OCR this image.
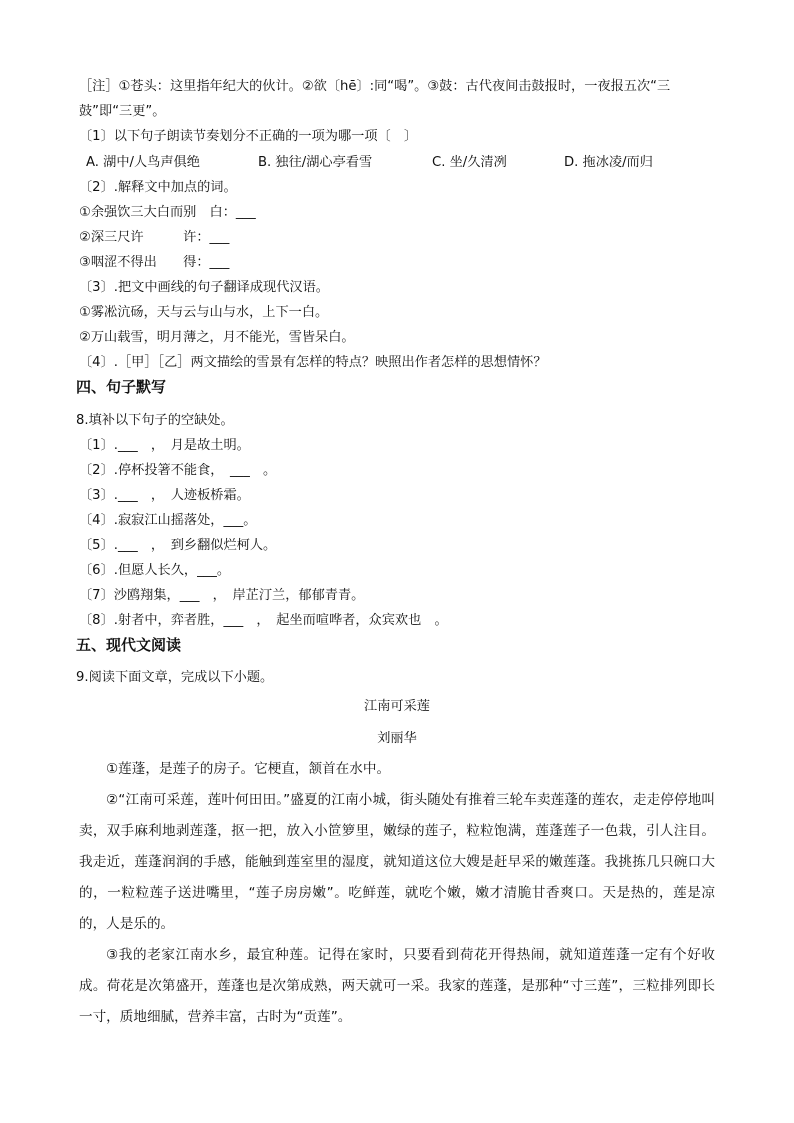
［注］①苍头：这里指年纪大的伙计。②欲〔hē〕:同“喝”。③鼓：古代夜间击鼓报时，一夜报五次“三
鼓”即“三更”。
〔1〕以下句子朗读节奏划分不正确的一项为哪一项〔　〕
A. 湖中/人鸟声俱绝	B. 独往/湖心亭看雪	C. 坐/久清冽	D. 拖冰凌/而归
〔2〕.解释文中加点的词。
①余强饮三大白而别　白：___
②深三尺许　　　许：___
③咽涩不得出　　得：___
〔3〕.把文中画线的句子翻译成现代汉语。
①雾凇沆砀，天与云与山与水，上下一白。
②万山载雪，明月薄之，月不能光，雪皆呆白。
〔4〕.［甲］［乙］两文描绘的雪景有怎样的特点？映照出作者怎样的思想情怀？
四、句子默写
8.填补以下句子的空缺处。
〔1〕.___　，　月是故土明。
〔2〕.停杯投箸不能食，　___　。
〔3〕.___　，　人迹板桥霜。
〔4〕.寂寂江山摇落处，___。
〔5〕.___　，　到乡翻似烂柯人。
〔6〕.但愿人长久，___。
〔7〕沙鸥翔集，___　，　岸芷汀兰，郁郁青青。
〔8〕.射者中，弈者胜，___　，　起坐而喧哗者，众宾欢也　。
五、现代文阅读
9.阅读下面文章，完成以下小题。
江南可采莲
刘丽华
①莲蓬，是莲子的房子。它梗直，颔首在水中。
②“江南可采莲，莲叶何田田。”盛夏的江南小城，街头随处有推着三轮车卖莲蓬的莲农，走走停停地叫卖，双手麻利地剥莲蓬，抠一把，放入小笸箩里，嫩绿的莲子，粒粒饱满，莲蓬莲子一色栽，引人注目。我走近，莲蓬润润的手感，能触到莲室里的湿度，就知道这位大嫂是赶早采的嫩莲蓬。我挑拣几只碗口大的，一粒粒莲子送进嘴里，“莲子房房嫩”。吃鲜莲，就吃个嫩，嫩才清脆甘香爽口。天是热的，莲是凉的，人是乐的。
③我的老家江南水乡，最宜种莲。记得在家时，只要看到荷花开得热闹，就知道莲蓬一定有个好收成。荷花是次第盛开，莲蓬也是次第成熟，两天就可一采。我家的莲蓬，是那种“寸三莲”，三粒排列即长一寸，质地细腻，营养丰富，古时为“贡莲”。
